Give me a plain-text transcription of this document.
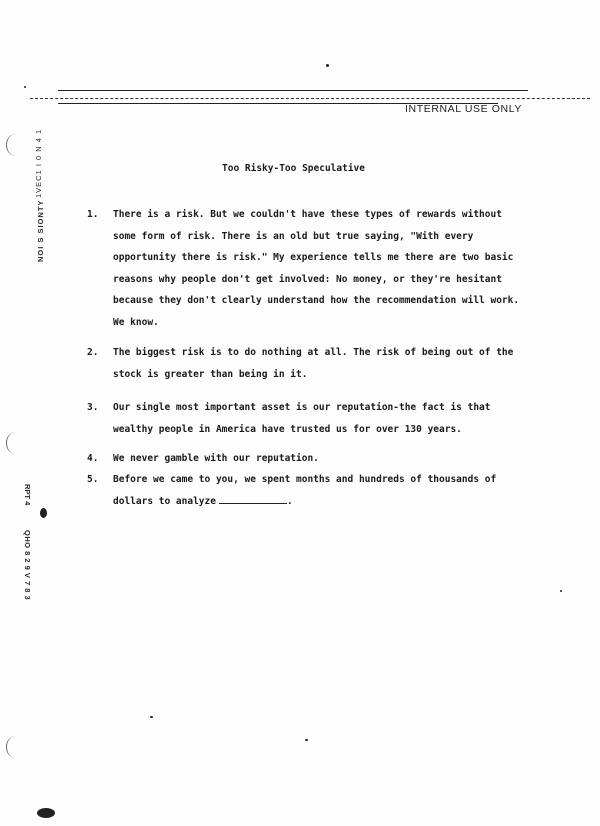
INTERNAL USE ONLY
Too Risky-Too Speculative
1.	There is a risk. But we couldn't have these types of rewards without
some form of risk. There is an old but true saying, "With every
opportunity there is risk." My experience tells me there are two basic
reasons why people don't get involved: No money, or they're hesitant
because they don't clearly understand how the recommendation will work.
We know.
2.	The biggest risk is to do nothing at all. The risk of being out of the
stock is greater than being in it.
3.	Our single most important asset is our reputation-the fact is that
wealthy people in America have trusted us for over 130 years.
4.	We never gamble with our reputation.
5.	Before we came to you, we spent months and hundreds of thousands of
dollars to analyze	.
1VEC1 I 0 N 4 1
NOI S SIONTY
RPT 4
QHO 8 2 9 V 7 8 3
